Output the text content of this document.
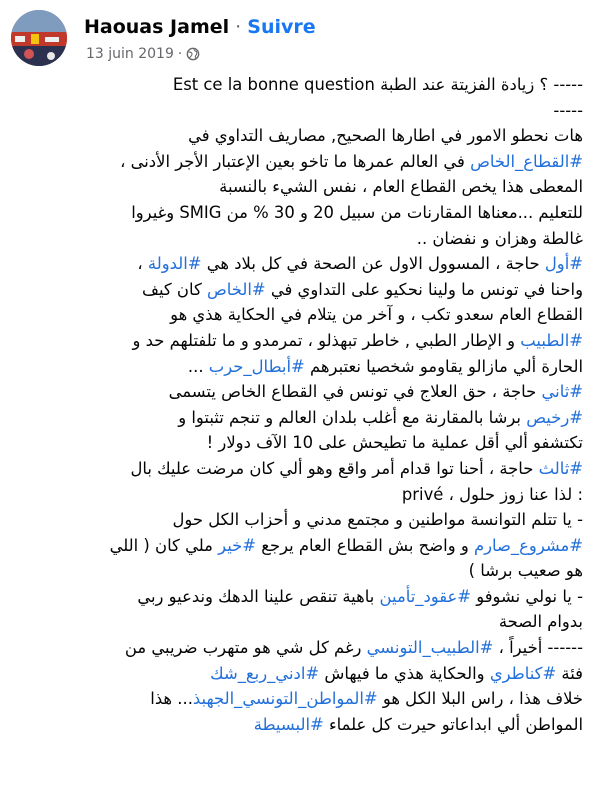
Haouas Jamel · Suivre
13 juin 2019 ·

Est ce la bonne question ؟ زيادة الفزيتة عند الطبة -----

-----

هات نحطو الامور في اطارها الصحيح, مصاريف التداوي في

#القطاع_الخاص في العالم عمرها ما تاخو بعين الإعتبار الأجر الأدنى ،

المعطى هذا يخص القطاع العام ، نفس الشيء بالنسبة

للتعليم ...معناها المقارنات من سبيل 20 و 30 % من SMIG وغيروا

غالطة وهزان و نفضان ..

#أول حاجة ، المسوول الاول عن الصحة في كل بلاد هي #الدولة ،

واحنا في تونس ما ولينا نحكيو على التداوي في #الخاص كان كيف

القطاع العام سعدو تكب ، و آخر من يتلام في الحكاية هذي هو

#الطبيب و الإطار الطبي , خاطر تبهذلو ، تمرمدو و ما تلفتلهم حد و

الحارة ألي مازالو يقاومو شخصيا نعتبرهم #أبطال_حرب ...

#ثاني حاجة ، حق العلاج في تونس في القطاع الخاص يتسمى

#رخيص برشا بالمقارنة مع أغلب بلدان العالم و تنجم تثبتوا و

تكتشفو ألي أقل عملية ما تطيحش على 10 الآف دولار !

#ثالث حاجة ، أحنا توا قدام أمر واقع وهو ألي كان مرضت عليك بال

privé ، لذا عنا زوز حلول :

- يا تتلم التوانسة مواطنين و مجتمع مدني و أحزاب الكل حول

#مشروع_صارم و واضح بش القطاع العام يرجع #خير ملي كان ( اللي

هو صعيب برشا )

- يا نولي نشوفو #عقود_تأمين باهية تنقص علينا الدهك وندعيو ربي

بدوام الصحة

------ أخيراً ، #الطبيب_التونسي رغم كل شي هو متهرب ضريبي من

فئة #كناطري والحكاية هذي ما فيهاش #ادني_ربع_شك

خلاف هذا ، راس البلا الكل هو #المواطن_التونسي_الجهبذ... هذا

المواطن ألي ابداعاتو حيرت كل علماء #البسيطة
